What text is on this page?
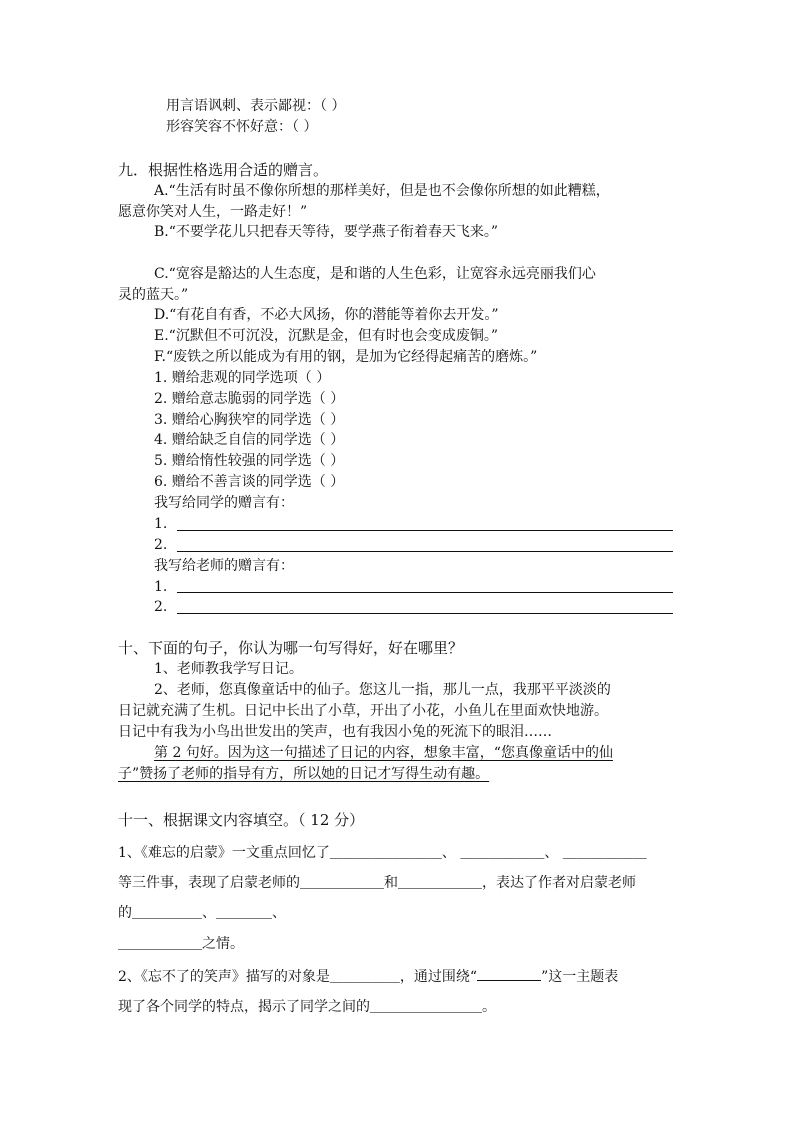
用言语讽刺、表示鄙视：（ ）
形容笑容不怀好意：（ ）
九．根据性格选用合适的赠言。
A.“生活有时虽不像你所想的那样美好，但是也不会像你所想的如此糟糕，
愿意你笑对人生，一路走好！”
B.“不要学花儿只把春天等待，要学燕子衔着春天飞来。”
C.“宽容是豁达的人生态度，是和谐的人生色彩，让宽容永远亮丽我们心
灵的蓝天。”
D.“有花自有香，不必大风扬，你的潜能等着你去开发。”
E.“沉默但不可沉没，沉默是金，但有时也会变成废铜。”
F.“废铁之所以能成为有用的钢，是加为它经得起痛苦的磨炼。”
1. 赠给悲观的同学选项（ ）
2. 赠给意志脆弱的同学选（ ）
3. 赠给心胸狭窄的同学选（ ）
4. 赠给缺乏自信的同学选（ ）
5. 赠给惰性较强的同学选（ ）
6. 赠给不善言谈的同学选（ ）
我写给同学的赠言有：
1.
2.
我写给老师的赠言有：
1.
2.
十、下面的句子，你认为哪一句写得好，好在哪里？
1、老师教我学写日记。
2、老师，您真像童话中的仙子。您这儿一指，那儿一点，我那平平淡淡的
日记就充满了生机。日记中长出了小草，开出了小花，小鱼儿在里面欢快地游。
日记中有我为小鸟出世发出的笑声，也有我因小兔的死流下的眼泪……
第 2 句好。因为这一句描述了日记的内容，想象丰富，“您真像童话中的仙
子”赞扬了老师的指导有方，所以她的日记才写得生动有趣。
十一、根据课文内容填空。（ 12 分）
1、《难忘的启蒙》一文重点回忆了＿＿＿＿＿＿＿＿、 ＿＿＿＿＿＿、 ＿＿＿＿＿＿
等三件事，表现了启蒙老师的＿＿＿＿＿＿和＿＿＿＿＿＿，表达了作者对启蒙老师
的＿＿＿＿＿、＿＿＿＿、
＿＿＿＿＿＿之情。
2、《忘不了的笑声》描写的对象是＿＿＿＿＿，通过围绕“	”这一主题表
现了各个同学的特点，揭示了同学之间的＿＿＿＿＿＿＿＿。
